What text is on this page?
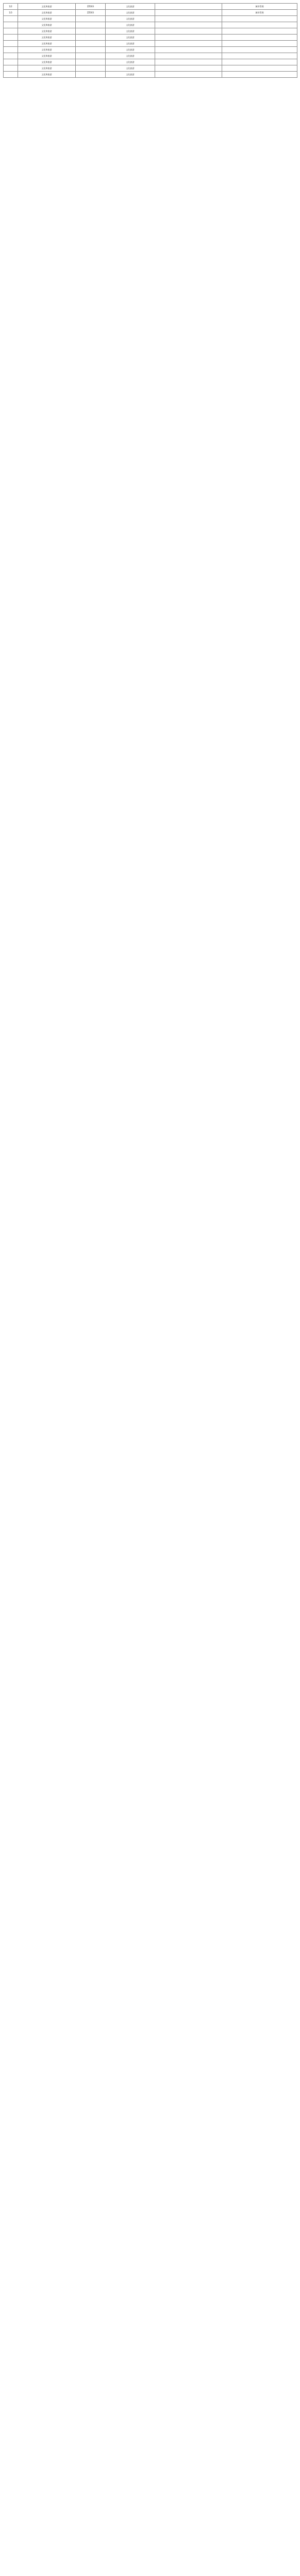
1/2	文化和旅游	ZZ003	文化旅游		城市管理
1/3	文化和旅游	ZZ003	文化旅游		城市管理
	文化和旅游		文化旅游		
	文化和旅游		文化旅游		
	文化和旅游		文化旅游		
	文化和旅游		文化旅游		
	文化和旅游		文化旅游		
	文化和旅游		文化旅游		
	文化和旅游		文化旅游		
	文化和旅游		文化旅游		
	文化和旅游		文化旅游		
	文化和旅游		文化旅游		
